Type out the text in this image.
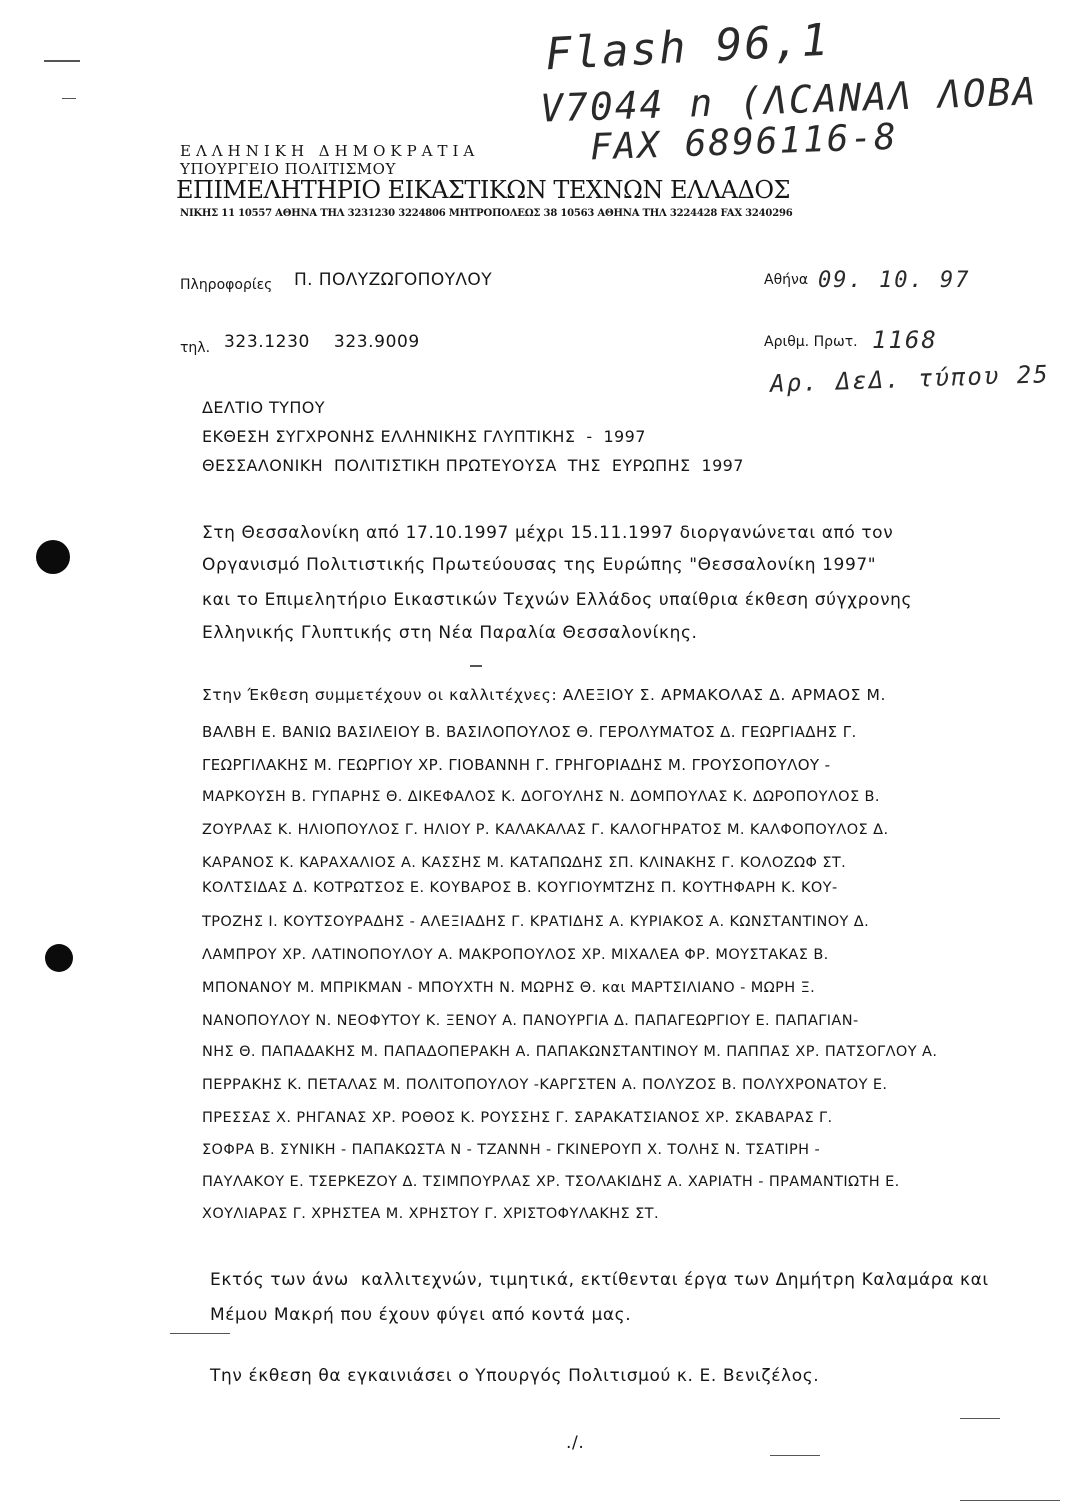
Flash 96,1
V7044 n (ΛCANAΛ ΛOBA
FAX 6896116-8
ΕΛΛΗΝΙΚΗ ΔΗΜΟΚΡΑΤΙΑ
ΥΠΟΥΡΓΕΙΟ ΠΟΛΙΤΙΣΜΟΥ
ΕΠΙΜΕΛΗΤΗΡΙΟ ΕΙΚΑΣΤΙΚΩΝ ΤΕΧΝΩΝ ΕΛΛΑΔΟΣ
ΝΙΚΗΣ 11 10557 ΑΘΗΝΑ ΤΗΛ 3231230 3224806 ΜΗΤΡΟΠΟΛΕΩΣ 38 10563 ΑΘΗΝΑ ΤΗΛ 3224428 FAX 3240296
Πληροφορίες Π. ΠΟΛΥΖΩΓΟΠΟΥΛΟΥ	Αθήνα 09. 10. 97
τηλ. 323.1230    323.9009	Αριθμ. Πρωτ. 1168
Αρ. ΔεΔ. τύπου 25
ΔΕΛΤΙΟ ΤΥΠΟΥ
ΕΚΘΕΣΗ ΣΥΓΧΡΟΝΗΣ ΕΛΛΗΝΙΚΗΣ ΓΛΥΠΤΙΚΗΣ  -  1997
ΘΕΣΣΑΛΟΝΙΚΗ  ΠΟΛΙΤΙΣΤΙΚΗ ΠΡΩΤΕΥΟΥΣΑ  ΤΗΣ  ΕΥΡΩΠΗΣ  1997
Στη Θεσσαλονίκη από 17.10.1997 μέχρι 15.11.1997 διοργανώνεται από τον
Οργανισμό Πολιτιστικής Πρωτεύουσας της Ευρώπης "Θεσσαλονίκη 1997"
και το Επιμελητήριο Εικαστικών Τεχνών Ελλάδος υπαίθρια έκθεση σύγχρονης
Ελληνικής Γλυπτικής στη Νέα Παραλία Θεσσαλονίκης.
Στην Έκθεση συμμετέχουν οι καλλιτέχνες: ΑΛΕΞΙΟΥ Σ. ΑΡΜΑΚΟΛΑΣ Δ. ΑΡΜΑΟΣ Μ.
ΒΑΛΒΗ Ε. ΒΑΝΙΩ ΒΑΣΙΛΕΙΟΥ Β. ΒΑΣΙΛΟΠΟΥΛΟΣ Θ. ΓΕΡΟΛΥΜΑΤΟΣ Δ. ΓΕΩΡΓΙΑΔΗΣ Γ.
ΓΕΩΡΓΙΛΑΚΗΣ Μ. ΓΕΩΡΓΙΟΥ ΧΡ. ΓΙΟΒΑΝΝΗ Γ. ΓΡΗΓΟΡΙΑΔΗΣ Μ. ΓΡΟΥΣΟΠΟΥΛΟΥ -
ΜΑΡΚΟΥΣΗ Β. ΓΥΠΑΡΗΣ Θ. ΔΙΚΕΦΑΛΟΣ Κ. ΔΟΓΟΥΛΗΣ Ν. ΔΟΜΠΟΥΛΑΣ Κ. ΔΩΡΟΠΟΥΛΟΣ Β.
ΖΟΥΡΛΑΣ Κ. ΗΛΙΟΠΟΥΛΟΣ Γ. ΗΛΙΟΥ Ρ. ΚΑΛΑΚΑΛΑΣ Γ. ΚΑΛΟΓΗΡΑΤΟΣ Μ. ΚΑΛΦΟΠΟΥΛΟΣ Δ.
ΚΑΡΑΝΟΣ Κ. ΚΑΡΑΧΑΛΙΟΣ Α. ΚΑΣΣΗΣ Μ. ΚΑΤΑΠΩΔΗΣ ΣΠ. ΚΛΙΝΑΚΗΣ Γ. ΚΟΛΟΖΩΦ ΣΤ.
ΚΟΛΤΣΙΔΑΣ Δ. ΚΟΤΡΩΤΣΟΣ Ε. ΚΟΥΒΑΡΟΣ Β. ΚΟΥΓΙΟΥΜΤΖΗΣ Π. ΚΟΥΤΗΦΑΡΗ Κ. ΚΟΥ-
ΤΡΟΖΗΣ Ι. ΚΟΥΤΣΟΥΡΑΔΗΣ - ΑΛΕΞΙΑΔΗΣ Γ. ΚΡΑΤΙΔΗΣ Α. ΚΥΡΙΑΚΟΣ Α. ΚΩΝΣΤΑΝΤΙΝΟΥ Δ.
ΛΑΜΠΡΟΥ ΧΡ. ΛΑΤΙΝΟΠΟΥΛΟΥ Α. ΜΑΚΡΟΠΟΥΛΟΣ ΧΡ. ΜΙΧΑΛΕΑ ΦΡ. ΜΟΥΣΤΑΚΑΣ Β.
ΜΠΟΝΑΝΟΥ Μ. ΜΠΡΙΚΜΑΝ - ΜΠΟΥΧΤΗ Ν. ΜΩΡΗΣ Θ. και ΜΑΡΤΣΙΛΙΑΝΟ - ΜΩΡΗ Ξ.
ΝΑΝΟΠΟΥΛΟΥ Ν. ΝΕΟΦΥΤΟΥ Κ. ΞΕΝΟΥ Α. ΠΑΝΟΥΡΓΙΑ Δ. ΠΑΠΑΓΕΩΡΓΙΟΥ Ε. ΠΑΠΑΓΙΑΝ-
ΝΗΣ Θ. ΠΑΠΑΔΑΚΗΣ Μ. ΠΑΠΑΔΟΠΕΡΑΚΗ Α. ΠΑΠΑΚΩΝΣΤΑΝΤΙΝΟΥ Μ. ΠΑΠΠΑΣ ΧΡ. ΠΑΤΣΟΓΛΟΥ Α.
ΠΕΡΡΑΚΗΣ Κ. ΠΕΤΑΛΑΣ Μ. ΠΟΛΙΤΟΠΟΥΛΟΥ -ΚΑΡΓΣΤΕΝ Α. ΠΟΛΥΖΟΣ Β. ΠΟΛΥΧΡΟΝΑΤΟΥ Ε.
ΠΡΕΣΣΑΣ Χ. ΡΗΓΑΝΑΣ ΧΡ. ΡΟΘΟΣ Κ. ΡΟΥΣΣΗΣ Γ. ΣΑΡΑΚΑΤΣΙΑΝΟΣ ΧΡ. ΣΚΑΒΑΡΑΣ Γ.
ΣΟΦΡΑ Β. ΣΥΝΙΚΗ - ΠΑΠΑΚΩΣΤΑ Ν - ΤΖΑΝΝΗ - ΓΚΙΝΕΡΟΥΠ Χ. ΤΟΛΗΣ Ν. ΤΣΑΤΙΡΗ -
ΠΑΥΛΑΚΟΥ Ε. ΤΣΕΡΚΕΖΟΥ Δ. ΤΣΙΜΠΟΥΡΛΑΣ ΧΡ. ΤΣΟΛΑΚΙΔΗΣ Α. ΧΑΡΙΑΤΗ - ΠΡΑΜΑΝΤΙΩΤΗ Ε.
ΧΟΥΛΙΑΡΑΣ Γ. ΧΡΗΣΤΕΑ Μ. ΧΡΗΣΤΟΥ Γ. ΧΡΙΣΤΟΦΥΛΑΚΗΣ ΣΤ.
Εκτός των άνω  καλλιτεχνών, τιμητικά, εκτίθενται έργα των Δημήτρη Καλαμάρα και
Μέμου Μακρή που έχουν φύγει από κοντά μας.
Την έκθεση θα εγκαινιάσει ο Υπουργός Πολιτισμού κ. Ε. Βενιζέλος.
./.
